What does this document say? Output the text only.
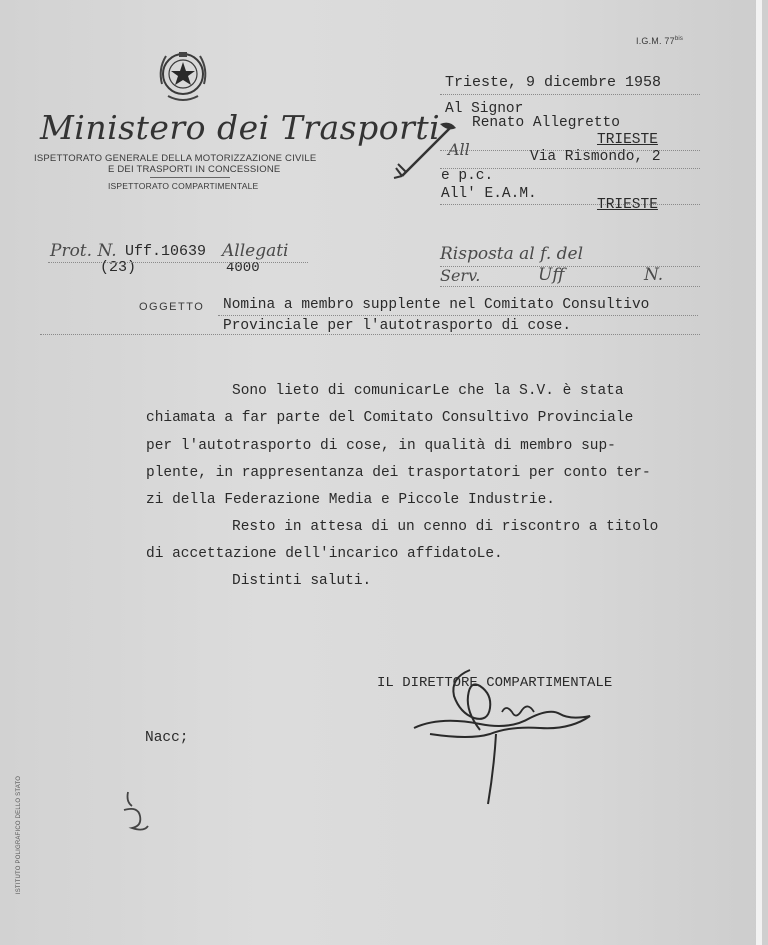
I.G.M. $77^{bis}$
Ministero dei Trasporti
ISPETTORATO GENERALE DELLA MOTORIZZAZIONE CIVILE
E DEI TRASPORTI IN CONCESSIONE
ISPETTORATO COMPARTIMENTALE
Trieste, 9 dicembre 1958
Al Signor
Renato Allegretto
TRIESTE
All	Via Rismondo, 2
e p.c.
All' E.A.M.
TRIESTE
Prot. N. Uff.10639 Allegati
(23)	4000
Risposta al f. del
Serv.	Uff	N.
OGGETTO Nomina a membro supplente nel Comitato Consultivo
Provinciale per l'autotrasporto di cose.
Sono lieto di comunicarLe che la S.V. è stata
chiamata a far parte del Comitato Consultivo Provinciale
per l'autotrasporto di cose, in qualità di membro sup-
plente, in rappresentanza dei trasportatori per conto ter-
zi della Federazione Media e Piccole Industrie.
Resto in attesa di un cenno di riscontro a titolo
di accettazione dell'incarico affidatoLe.
Distinti saluti.
IL DIRETTORE COMPARTIMENTALE
Nacc;
ISTITUTO POLIGRAFICO DELLO STATO
